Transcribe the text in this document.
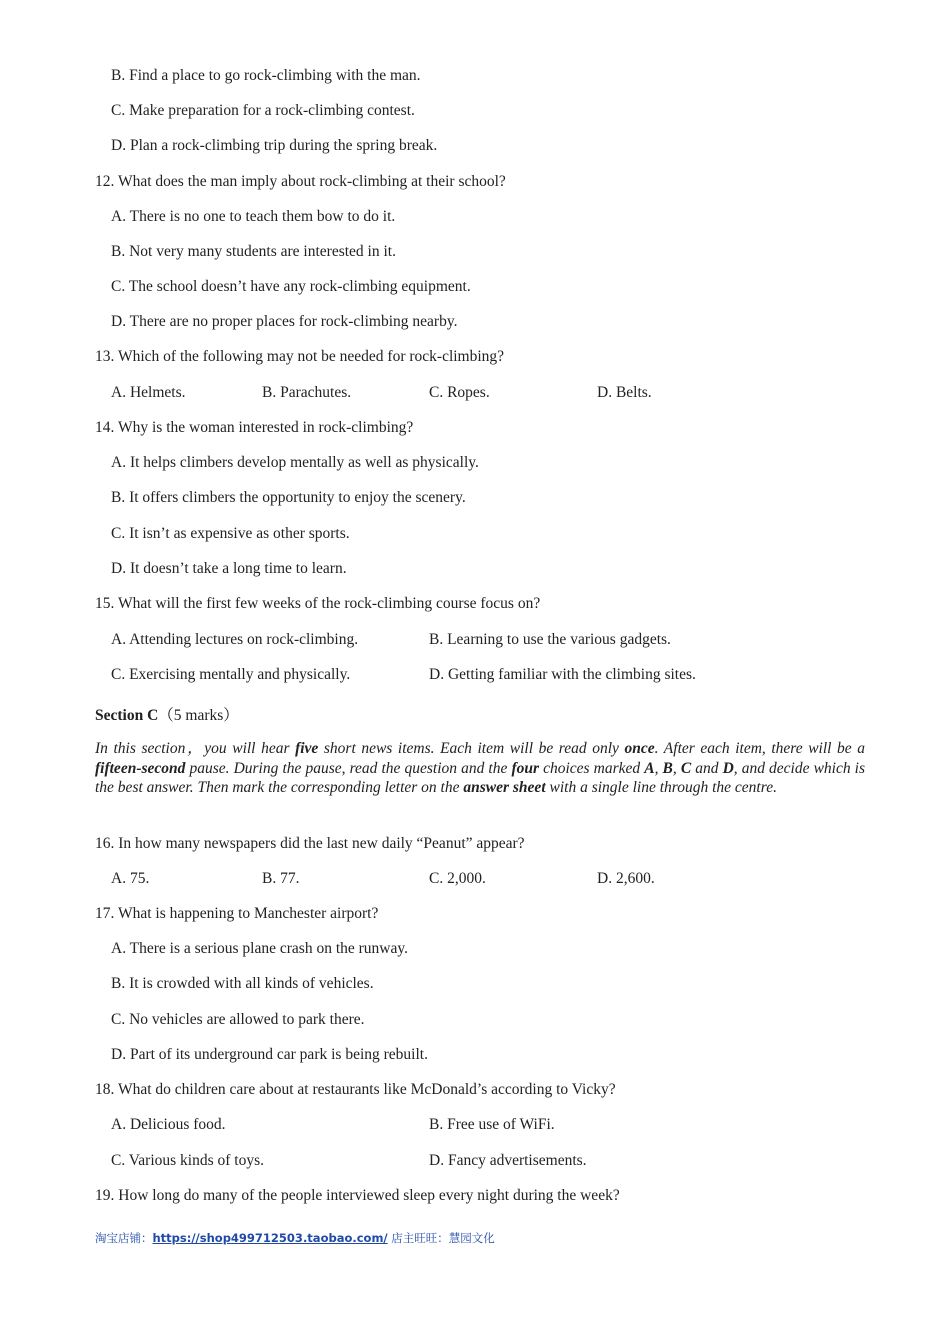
B. Find a place to go rock-climbing with the man.
C. Make preparation for a rock-climbing contest.
D. Plan a rock-climbing trip during the spring break.
12. What does the man imply about rock-climbing at their school?
A. There is no one to teach them bow to do it.
B. Not very many students are interested in it.
C. The school doesn’t have any rock-climbing equipment.
D. There are no proper places for rock-climbing nearby.
13. Which of the following may not be needed for rock-climbing?
A. Helmets.	B. Parachutes.	C. Ropes.	D. Belts.
14. Why is the woman interested in rock-climbing?
A. It helps climbers develop mentally as well as physically.
B. It offers climbers the opportunity to enjoy the scenery.
C. It isn’t as expensive as other sports.
D. It doesn’t take a long time to learn.
15. What will the first few weeks of the rock-climbing course focus on?
A. Attending lectures on rock-climbing.	B. Learning to use the various gadgets.
C. Exercising mentally and physically.	D. Getting familiar with the climbing sites.
Section C（5 marks）
In this section，you will hear five short news items. Each item will be read only once. After each item, there will be a fifteen-second pause. During the pause, read the question and the four choices marked A, B, C and D, and decide which is the best answer. Then mark the corresponding letter on the answer sheet with a single line through the centre.
16. In how many newspapers did the last new daily “Peanut” appear?
A. 75.	B. 77.	C. 2,000.	D. 2,600.
17. What is happening to Manchester airport?
A. There is a serious plane crash on the runway.
B. It is crowded with all kinds of vehicles.
C. No vehicles are allowed to park there.
D. Part of its underground car park is being rebuilt.
18. What do children care about at restaurants like McDonald’s according to Vicky?
A. Delicious food.	B. Free use of WiFi.
C. Various kinds of toys.	D. Fancy advertisements.
19. How long do many of the people interviewed sleep every night during the week?
淘宝店铺：https://shop499712503.taobao.com/ 店主旺旺：慧园文化
